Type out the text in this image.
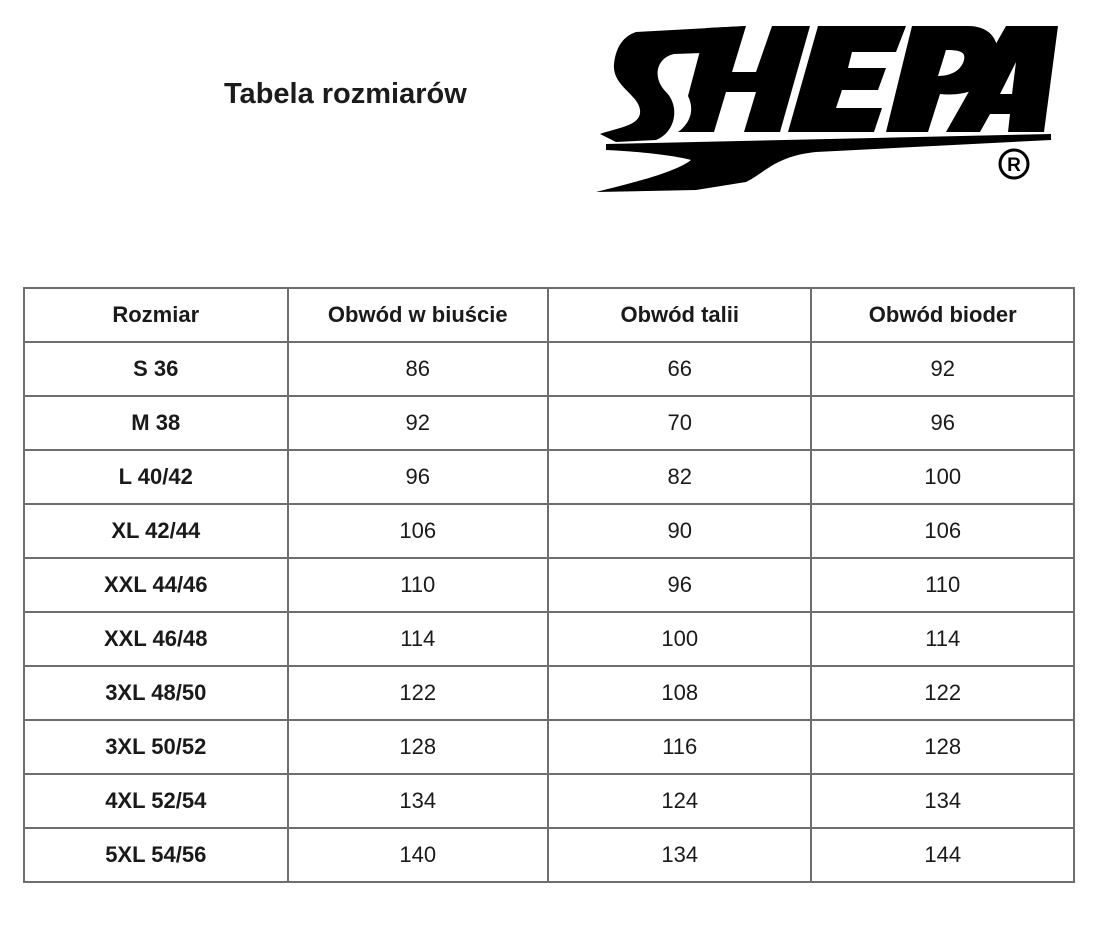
Tabela rozmiarów
R
Rozmiar	Obwód w biuście	Obwód talii	Obwód bioder
S 36	86	66	92
M 38	92	70	96
L 40/42	96	82	100
XL 42/44	106	90	106
XXL 44/46	110	96	110
XXL 46/48	114	100	114
3XL 48/50	122	108	122
3XL 50/52	128	116	128
4XL 52/54	134	124	134
5XL 54/56	140	134	144
